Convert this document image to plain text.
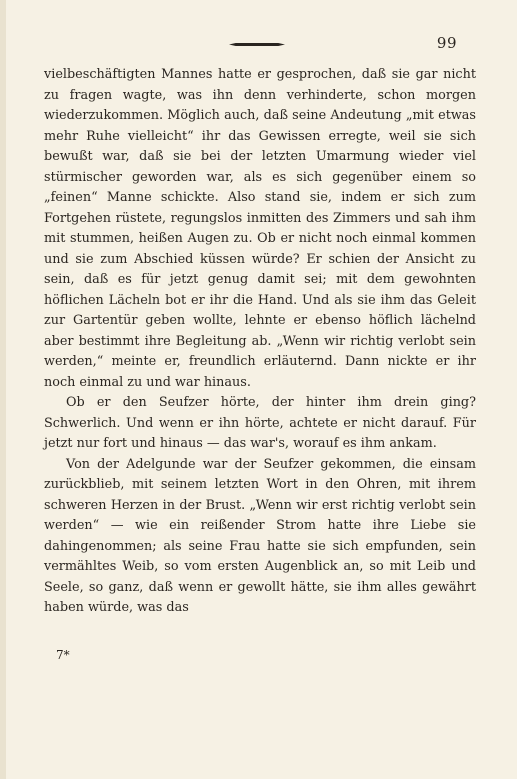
99

vielbeschäftigten Mannes hatte er gesprochen, daß sie gar nicht zu fragen wagte, was ihn denn verhinderte, schon morgen wiederzukommen. Möglich auch, daß seine Andeutung „mit etwas mehr Ruhe vielleicht“ ihr das Gewissen erregte, weil sie sich bewußt war, daß sie bei der letzten Umarmung wieder viel stürmischer geworden war, als es sich gegenüber einem so „feinen“ Manne schickte. Also stand sie, indem er sich zum Fortgehen rüstete, regungslos inmitten des Zimmers und sah ihm mit stummen, heißen Augen zu. Ob er nicht noch einmal kommen und sie zum Abschied küssen würde? Er schien der Ansicht zu sein, daß es für jetzt genug damit sei; mit dem gewohnten höflichen Lächeln bot er ihr die Hand. Und als sie ihm das Geleit zur Gartentür geben wollte, lehnte er ebenso höflich lächelnd aber bestimmt ihre Begleitung ab. „Wenn wir richtig verlobt sein werden,“ meinte er, freundlich erläuternd. Dann nickte er ihr noch einmal zu und war hinaus.

Ob er den Seufzer hörte, der hinter ihm drein ging? Schwerlich. Und wenn er ihn hörte, achtete er nicht darauf. Für jetzt nur fort und hinaus — das war's, worauf es ihm ankam.

Von der Adelgunde war der Seufzer gekommen, die einsam zurückblieb, mit seinem letzten Wort in den Ohren, mit ihrem schweren Herzen in der Brust. „Wenn wir erst richtig verlobt sein werden“ — wie ein reißender Strom hatte ihre Liebe sie dahingenommen; als seine Frau hatte sie sich empfunden, sein vermähltes Weib, so vom ersten Augenblick an, so mit Leib und Seele, so ganz, daß wenn er gewollt hätte, sie ihm alles gewährt haben würde, was das

7*
